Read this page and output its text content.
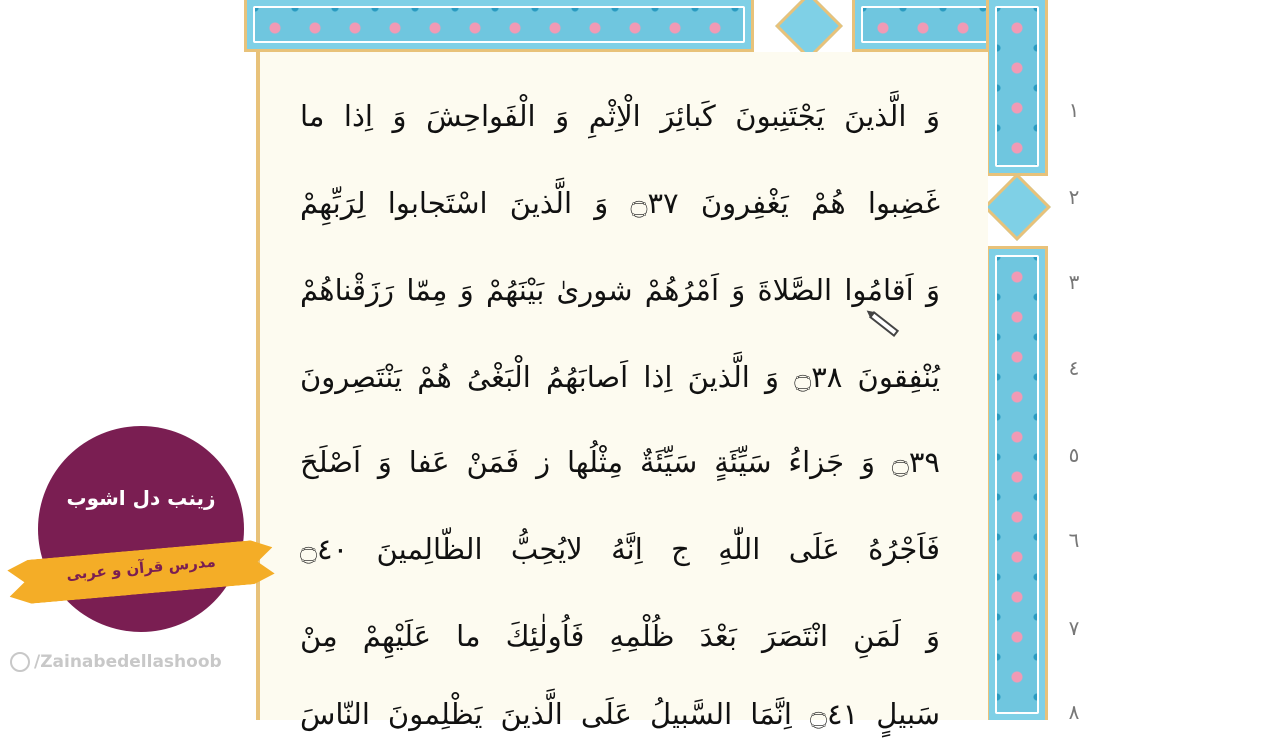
وَ الَّذینَ یَجْتَنِبونَ کَبائِرَ الْاِثْمِ وَ الْفَواحِشَ وَ اِذا ما
غَضِبوا هُمْ یَغْفِرونَ ۝٣٧ وَ الَّذینَ اسْتَجابوا لِرَبِّهِمْ
وَ اَقامُوا الصَّلاةَ وَ اَمْرُهُمْ شوریٰ بَیْنَهُمْ وَ مِمّا رَزَقْناهُمْ
یُنْفِقونَ ۝٣٨ وَ الَّذینَ اِذا اَصابَهُمُ الْبَغْیُ هُمْ یَنْتَصِرونَ
۝٣٩ وَ جَزاءُ سَیِّئَةٍ سَیِّئَةٌ مِثْلُها ز فَمَنْ عَفا وَ اَصْلَحَ
فَاَجْرُهُ عَلَی اللّٰهِ ج اِنَّهُ لایُحِبُّ الظّالِمینَ ۝٤٠
وَ لَمَنِ انْتَصَرَ بَعْدَ ظُلْمِهِ فَاُولٰئِكَ ما عَلَیْهِمْ مِنْ
سَبیلٍ ۝٤١ اِنَّمَا السَّبیلُ عَلَی الَّذینَ یَظْلِمونَ النّاسَ
١
٢
٣
٤
٥
٦
٧
٨
زینب دل اشوب
مدرس قرآن و عربی
/Zainabedellashoob
